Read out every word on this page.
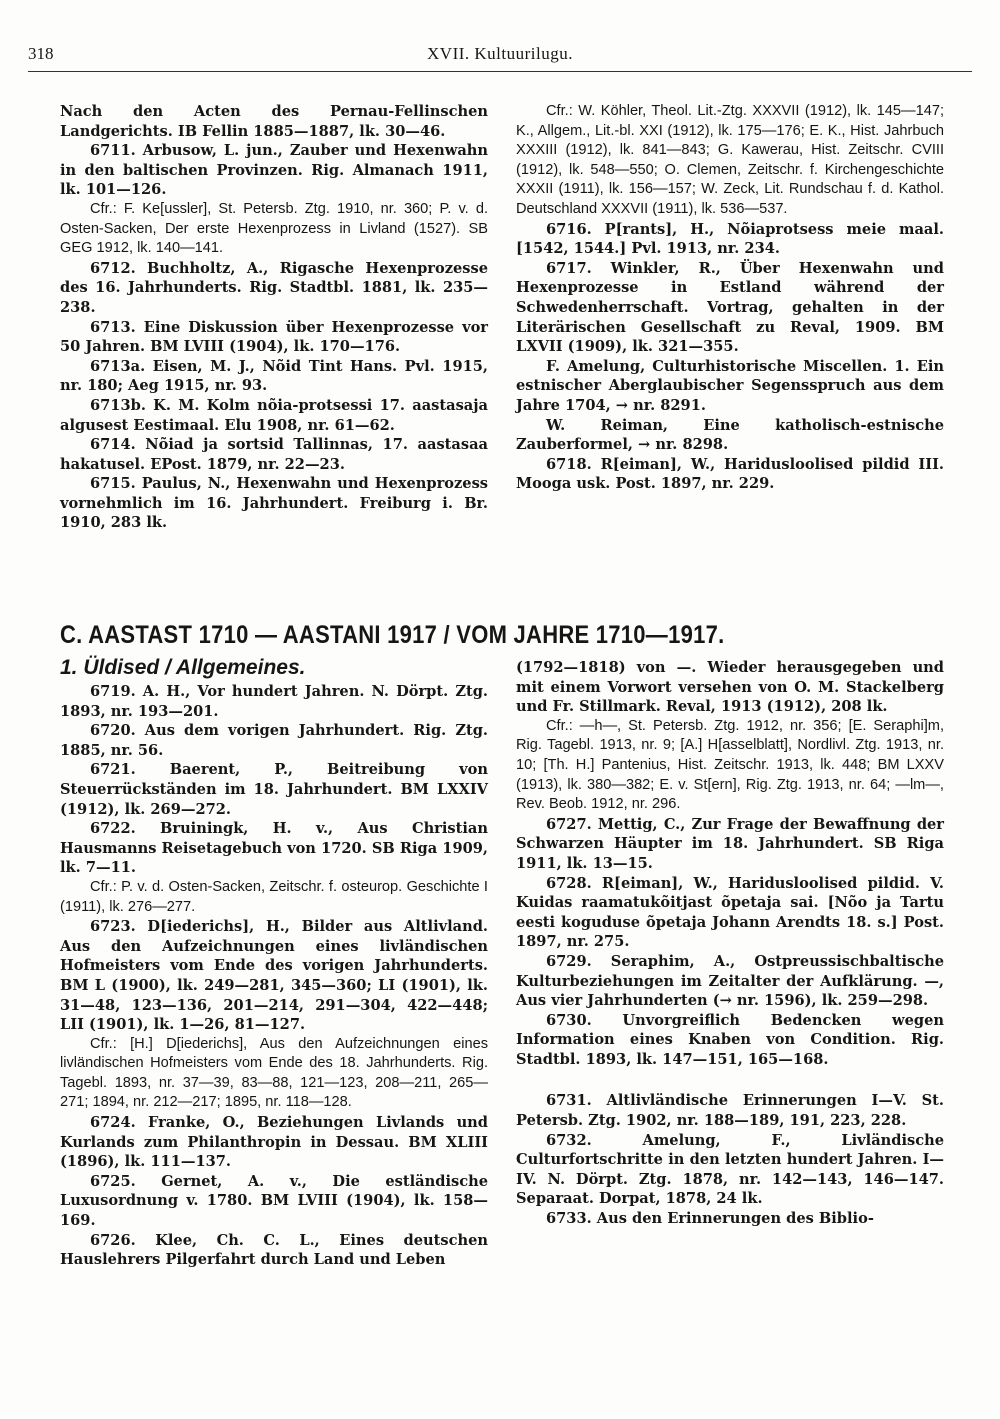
318	XVII. Kultuurilugu.

Nach den Acten des Pernau-Fellinschen Landgerichts. IB Fellin 1885—1887, lk. 30—46.

6711. Arbusow, L. jun., Zauber und Hexenwahn in den baltischen Provinzen. Rig. Almanach 1911, lk. 101—126.

Cfr.: F. Ke[ussler], St. Petersb. Ztg. 1910, nr. 360; P. v. d. Osten-Sacken, Der erste Hexenprozess in Livland (1527). SB GEG 1912, lk. 140—141.

6712. Buchholtz, A., Rigasche Hexenprozesse des 16. Jahrhunderts. Rig. Stadtbl. 1881, lk. 235—238.

6713. Eine Diskussion über Hexenprozesse vor 50 Jahren. BM LVIII (1904), lk. 170—176.

6713a. Eisen, M. J., Nõid Tint Hans. Pvl. 1915, nr. 180; Aeg 1915, nr. 93.

6713b. K. M. Kolm nõia-protsessi 17. aastasaja algusest Eestimaal. Elu 1908, nr. 61—62.

6714. Nõiad ja sortsid Tallinnas, 17. aastasaa hakatusel. EPost. 1879, nr. 22—23.

6715. Paulus, N., Hexenwahn und Hexenprozess vornehmlich im 16. Jahrhundert. Freiburg i. Br. 1910, 283 lk.

Cfr.: W. Köhler, Theol. Lit.-Ztg. XXXVII (1912), lk. 145—147; K., Allgem., Lit.-bl. XXI (1912), lk. 175—176; E. K., Hist. Jahrbuch XXXIII (1912), lk. 841—843; G. Kawerau, Hist. Zeitschr. CVIII (1912), lk. 548—550; O. Clemen, Zeitschr. f. Kirchengeschichte XXXII (1911), lk. 156—157; W. Zeck, Lit. Rundschau f. d. Kathol. Deutschland XXXVII (1911), lk. 536—537.

6716. P[rants], H., Nõiaprotsess meie maal. [1542, 1544.] Pvl. 1913, nr. 234.

6717. Winkler, R., Über Hexenwahn und Hexenprozesse in Estland während der Schwedenherrschaft. Vortrag, gehalten in der Literärischen Gesellschaft zu Reval, 1909. BM LXVII (1909), lk. 321—355.

F. Amelung, Culturhistorische Miscellen. 1. Ein estnischer Aberglaubischer Segensspruch aus dem Jahre 1704, → nr. 8291.

W. Reiman, Eine katholisch-estnische Zauberformel, → nr. 8298.

6718. R[eiman], W., Haridusloolised pildid III. Mooga usk. Post. 1897, nr. 229.

C. AASTAST 1710 — AASTANI 1917 / VOM JAHRE 1710—1917.
1. Üldised / Allgemeines.

6719. A. H., Vor hundert Jahren. N. Dörpt. Ztg. 1893, nr. 193—201.

6720. Aus dem vorigen Jahrhundert. Rig. Ztg. 1885, nr. 56.

6721. Baerent, P., Beitreibung von Steuerrückständen im 18. Jahrhundert. BM LXXIV (1912), lk. 269—272.

6722. Bruiningk, H. v., Aus Christian Hausmanns Reisetagebuch von 1720. SB Riga 1909, lk. 7—11.

Cfr.: P. v. d. Osten-Sacken, Zeitschr. f. osteurop. Geschichte I (1911), lk. 276—277.

6723. D[iederichs], H., Bilder aus Altlivland. Aus den Aufzeichnungen eines livländischen Hofmeisters vom Ende des vorigen Jahrhunderts. BM L (1900), lk. 249—281, 345—360; LI (1901), lk. 31—48, 123—136, 201—214, 291—304, 422—448; LII (1901), lk. 1—26, 81—127.

Cfr.: [H.] D[iederichs], Aus den Aufzeichnungen eines livländischen Hofmeisters vom Ende des 18. Jahrhunderts. Rig. Tagebl. 1893, nr. 37—39, 83—88, 121—123, 208—211, 265—271; 1894, nr. 212—217; 1895, nr. 118—128.

6724. Franke, O., Beziehungen Livlands und Kurlands zum Philanthropin in Dessau. BM XLIII (1896), lk. 111—137.

6725. Gernet, A. v., Die estländische Luxusordnung v. 1780. BM LVIII (1904), lk. 158—169.

6726. Klee, Ch. C. L., Eines deutschen Hauslehrers Pilgerfahrt durch Land und Leben

(1792—1818) von —. Wieder herausgegeben und mit einem Vorwort versehen von O. M. Stackelberg und Fr. Stillmark. Reval, 1913 (1912), 208 lk.

Cfr.: —h—, St. Petersb. Ztg. 1912, nr. 356; [E. Seraphi]m, Rig. Tagebl. 1913, nr. 9; [A.] H[asselblatt], Nordlivl. Ztg. 1913, nr. 10; [Th. H.] Pantenius, Hist. Zeitschr. 1913, lk. 448; BM LXXV (1913), lk. 380—382; E. v. St[ern], Rig. Ztg. 1913, nr. 64; —lm—, Rev. Beob. 1912, nr. 296.

6727. Mettig, C., Zur Frage der Bewaffnung der Schwarzen Häupter im 18. Jahrhundert. SB Riga 1911, lk. 13—15.

6728. R[eiman], W., Haridusloolised pildid. V. Kuidas raamatukõitjast õpetaja sai. [Nõo ja Tartu eesti koguduse õpetaja Johann Arendts 18. s.] Post. 1897, nr. 275.

6729. Seraphim, A., Ostpreussischbaltische Kulturbeziehungen im Zeitalter der Aufklärung. —, Aus vier Jahrhunderten (→ nr. 1596), lk. 259—298.

6730. Unvorgreiflich Bedencken wegen Information eines Knaben von Condition. Rig. Stadtbl. 1893, lk. 147—151, 165—168.

6731. Altlivländische Erinnerungen I—V. St. Petersb. Ztg. 1902, nr. 188—189, 191, 223, 228.

6732. Amelung, F., Livländische Culturfortschritte in den letzten hundert Jahren. I—IV. N. Dörpt. Ztg. 1878, nr. 142—143, 146—147. Separaat. Dorpat, 1878, 24 lk.

6733. Aus den Erinnerungen des Biblio-
